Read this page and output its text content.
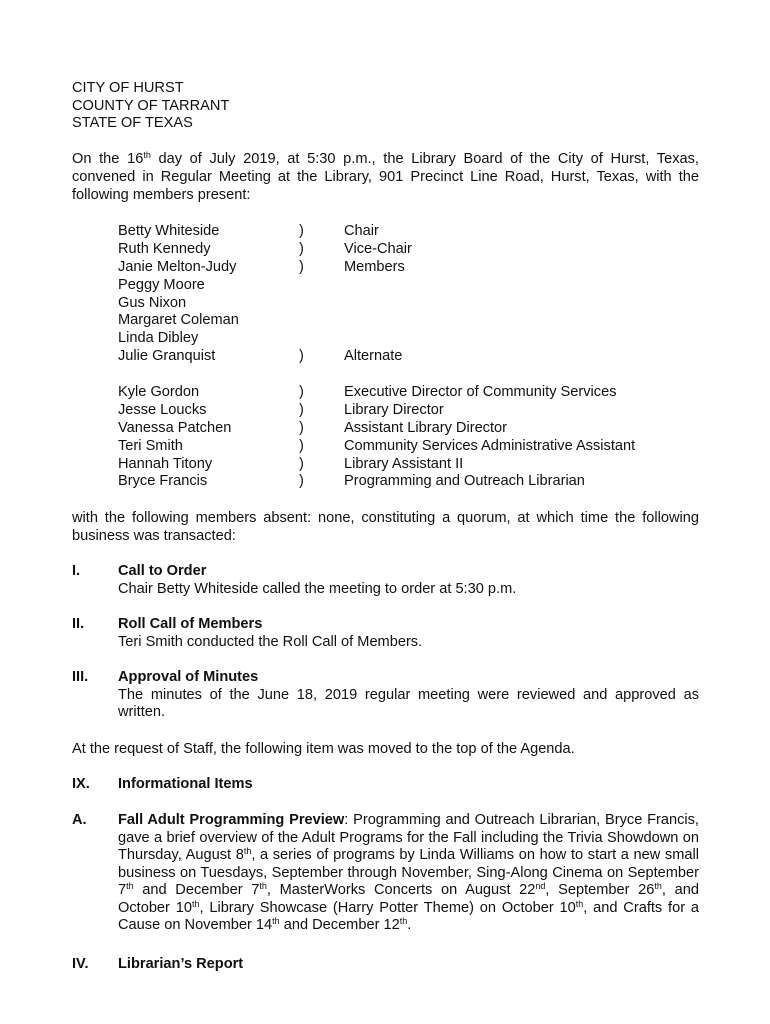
CITY OF HURST
COUNTY OF TARRANT
STATE OF TEXAS
On the 16th day of July 2019, at 5:30 p.m., the Library Board of the City of Hurst, Texas, convened in Regular Meeting at the Library, 901 Precinct Line Road, Hurst, Texas, with the following members present:
Betty Whiteside	)	Chair
Ruth Kennedy	)	Vice-Chair
Janie Melton-Judy	)	Members
Peggy Moore
Gus Nixon
Margaret Coleman
Linda Dibley
Julie Granquist	)	Alternate
Kyle Gordon	)	Executive Director of Community Services
Jesse Loucks	)	Library Director
Vanessa Patchen	)	Assistant Library Director
Teri Smith	)	Community Services Administrative Assistant
Hannah Titony	)	Library Assistant II
Bryce Francis	)	Programming and Outreach Librarian
with the following members absent: none, constituting a quorum, at which time the following business was transacted:
I.	Call to Order
Chair Betty Whiteside called the meeting to order at 5:30 p.m.
II. Roll Call of Members
Teri Smith conducted the Roll Call of Members.
III. Approval of Minutes
The minutes of the June 18, 2019 regular meeting were reviewed and approved as written.
At the request of Staff, the following item was moved to the top of the Agenda.
IX. Informational Items
A. Fall Adult Programming Preview: Programming and Outreach Librarian, Bryce Francis, gave a brief overview of the Adult Programs for the Fall including the Trivia Showdown on Thursday, August 8th, a series of programs by Linda Williams on how to start a new small business on Tuesdays, September through November, Sing-Along Cinema on September 7th and December 7th, MasterWorks Concerts on August 22nd, September 26th, and October 10th, Library Showcase (Harry Potter Theme) on October 10th, and Crafts for a Cause on November 14th and December 12th.
IV. Librarian’s Report
